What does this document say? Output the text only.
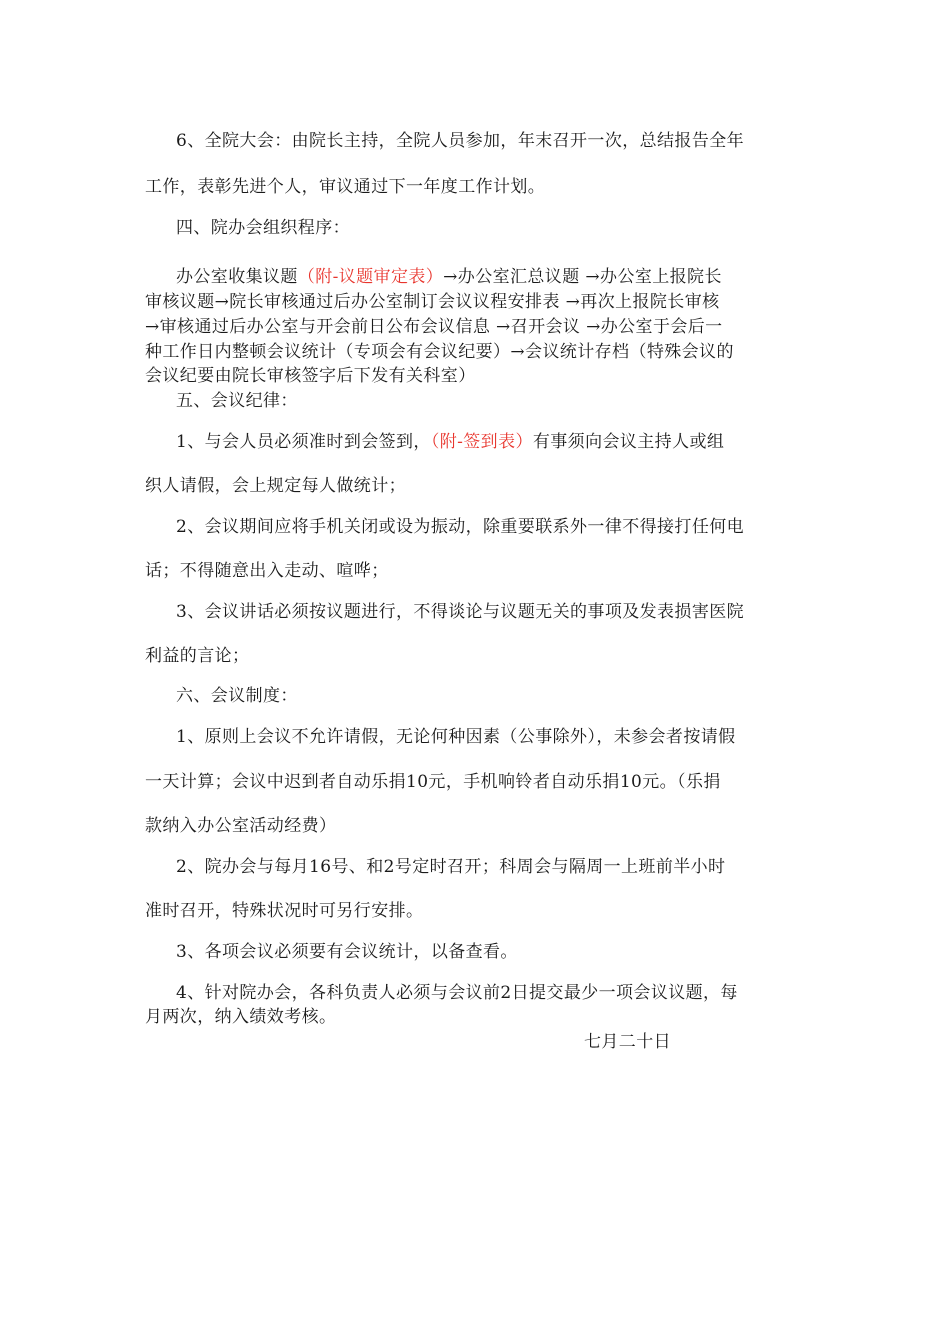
6、全院大会：由院长主持，全院人员参加，年末召开一次，总结报告全年
工作，表彰先进个人，审议通过下一年度工作计划。
四、院办会组织程序：
办公室收集议题（附-议题审定表）→办公室汇总议题 →办公室上报院长
审核议题→院长审核通过后办公室制订会议议程安排表 →再次上报院长审核
→审核通过后办公室与开会前日公布会议信息 →召开会议 →办公室于会后一
种工作日内整顿会议统计（专项会有会议纪要）→会议统计存档（特殊会议的
会议纪要由院长审核签字后下发有关科室）
五、会议纪律：
1、与会人员必须准时到会签到，（附-签到表）有事须向会议主持人或组
织人请假，会上规定每人做统计；
2、会议期间应将手机关闭或设为振动，除重要联系外一律不得接打任何电
话；不得随意出入走动、喧哗；
3、会议讲话必须按议题进行，不得谈论与议题无关的事项及发表损害医院
利益的言论；
六、会议制度：
1、原则上会议不允许请假，无论何种因素（公事除外），未参会者按请假
一天计算；会议中迟到者自动乐捐10元，手机响铃者自动乐捐10元。（乐捐
款纳入办公室活动经费）
2、院办会与每月16号、和2号定时召开；科周会与隔周一上班前半小时
准时召开，特殊状况时可另行安排。
3、各项会议必须要有会议统计，以备查看。
4、针对院办会，各科负责人必须与会议前2日提交最少一项会议议题，每
月两次，纳入绩效考核。
七月二十日
